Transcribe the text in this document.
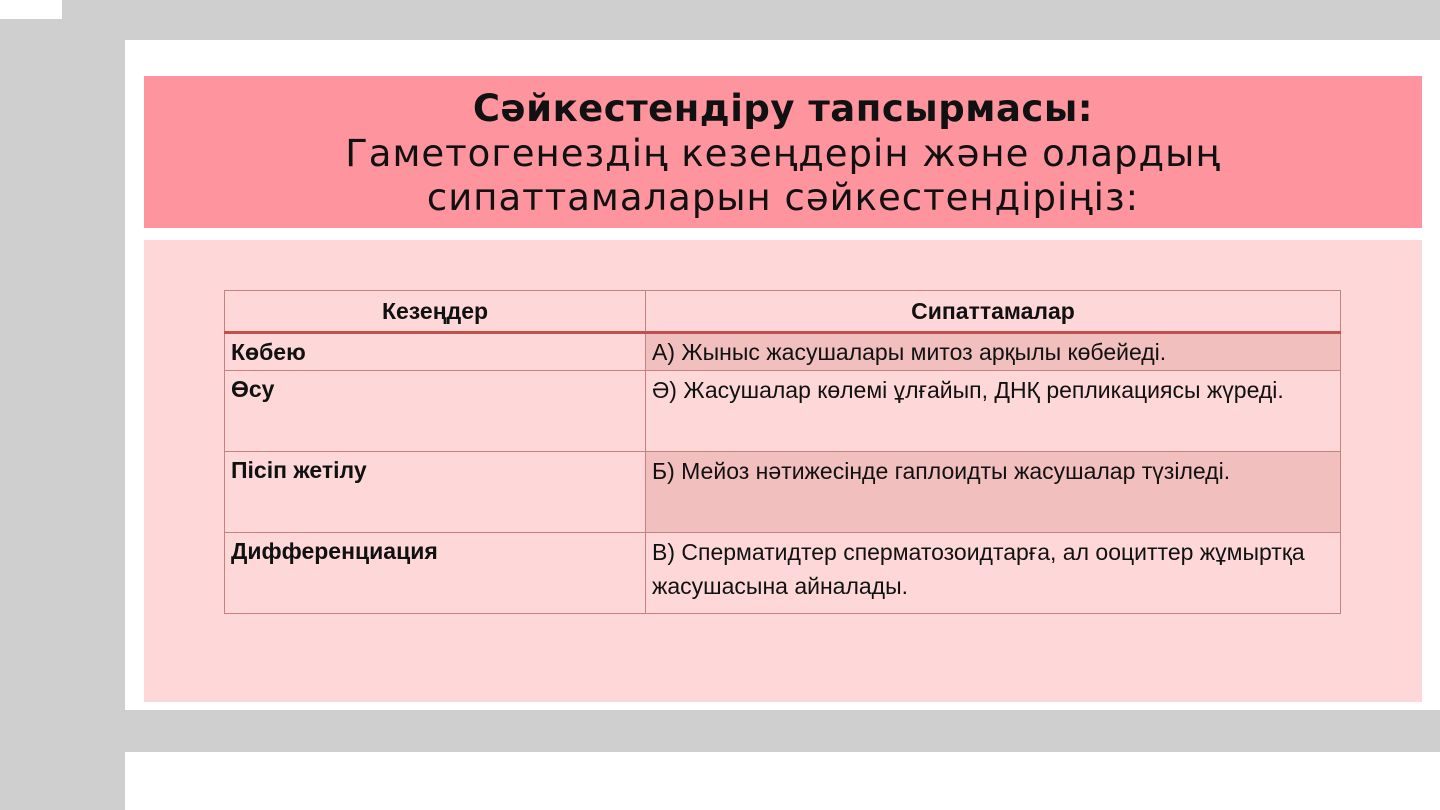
Сәйкестендіру тапсырмасы:
Гаметогенездің кезеңдерін және олардың
сипаттамаларын сәйкестендіріңіз:
Кезеңдер	Сипаттамалар
Көбею	А) Жыныс жасушалары митоз арқылы көбейеді.
Өсу	Ә) Жасушалар көлемі ұлғайып, ДНҚ репликациясы жүреді.
Пісіп жетілу	Б) Мейоз нәтижесінде гаплоидты жасушалар түзіледі.
Дифференциация	В) Сперматидтер сперматозоидтарға, ал ооциттер жұмыртқа жасушасына айналады.
